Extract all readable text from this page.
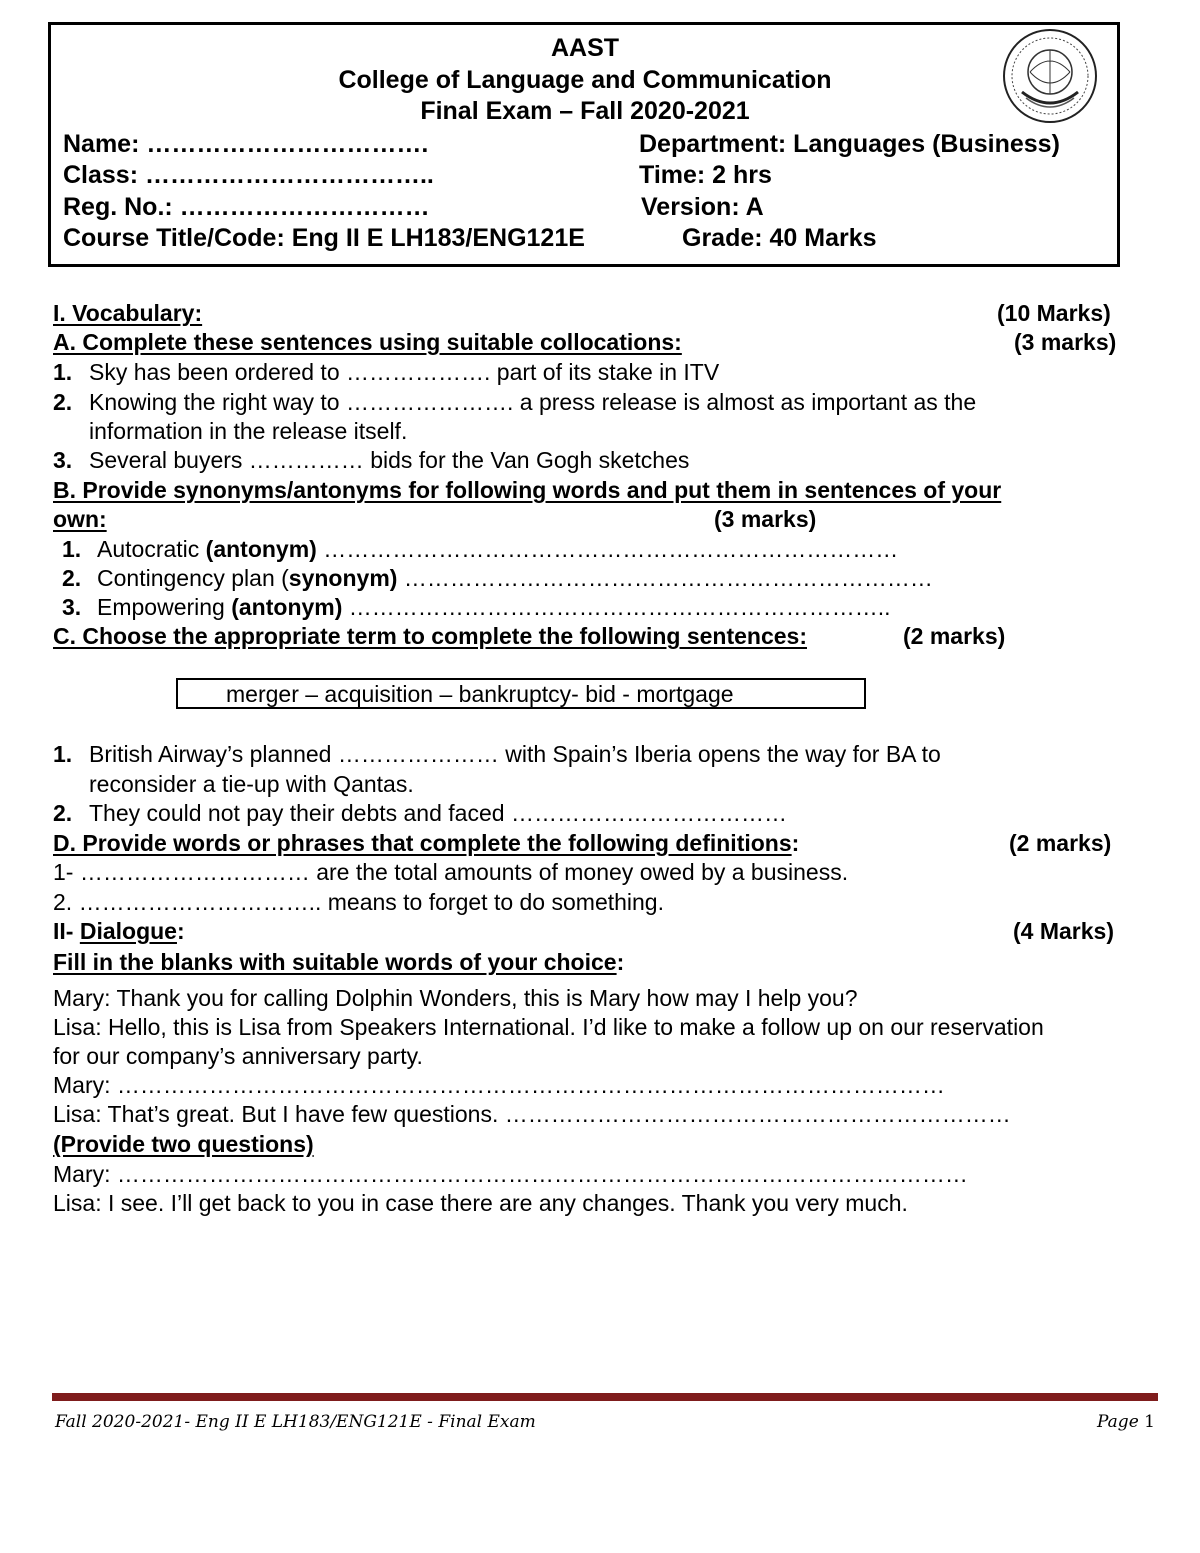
AAST
College of Language and Communication
Final Exam – Fall 2020-2021
Name: …………………………….	Department: Languages (Business)
Class: ……………………………..	Time: 2 hrs
Reg. No.: …………………………	Version: A
Course Title/Code: Eng II E LH183/ENG121E	Grade: 40 Marks
I. Vocabulary:	(10 Marks)
A. Complete these sentences using suitable collocations:	(3 marks)
1. Sky has been ordered to ………………. part of its stake in ITV
2. Knowing the right way to …………………. a press release is almost as important as the
information in the release itself.
3. Several buyers …………… bids for the Van Gogh sketches
B. Provide synonyms/antonyms for following words and put them in sentences of your
own:	(3 marks)
1. Autocratic (antonym) …………………………………………………………………
2. Contingency plan (synonym) ……………………………………………………………
3. Empowering (antonym) ……………………………………………………………..
C. Choose the appropriate term to complete the following sentences:	(2 marks)
merger – acquisition – bankruptcy- bid - mortgage
1. British Airway’s planned ………………… with Spain’s Iberia opens the way for BA to
reconsider a tie-up with Qantas.
2. They could not pay their debts and faced ………………………………
D. Provide words or phrases that complete the following definitions:	(2 marks)
1- ………………………… are the total amounts of money owed by a business.
2. ………………………….. means to forget to do something.
II- Dialogue:	(4 Marks)
Fill in the blanks with suitable words of your choice:
Mary: Thank you for calling Dolphin Wonders, this is Mary how may I help you?
Lisa: Hello, this is Lisa from Speakers International. I’d like to make a follow up on our reservation
for our company’s anniversary party.
Mary: ………………………………………………………………………………………………
Lisa: That’s great. But I have few questions. …………………………………………………………
(Provide two questions)
Mary: …………………………………………………………………………………………………
Lisa: I see. I’ll get back to you in case there are any changes. Thank you very much.
Fall 2020-2021- Eng II E LH183/ENG121E - Final Exam	Page 1
